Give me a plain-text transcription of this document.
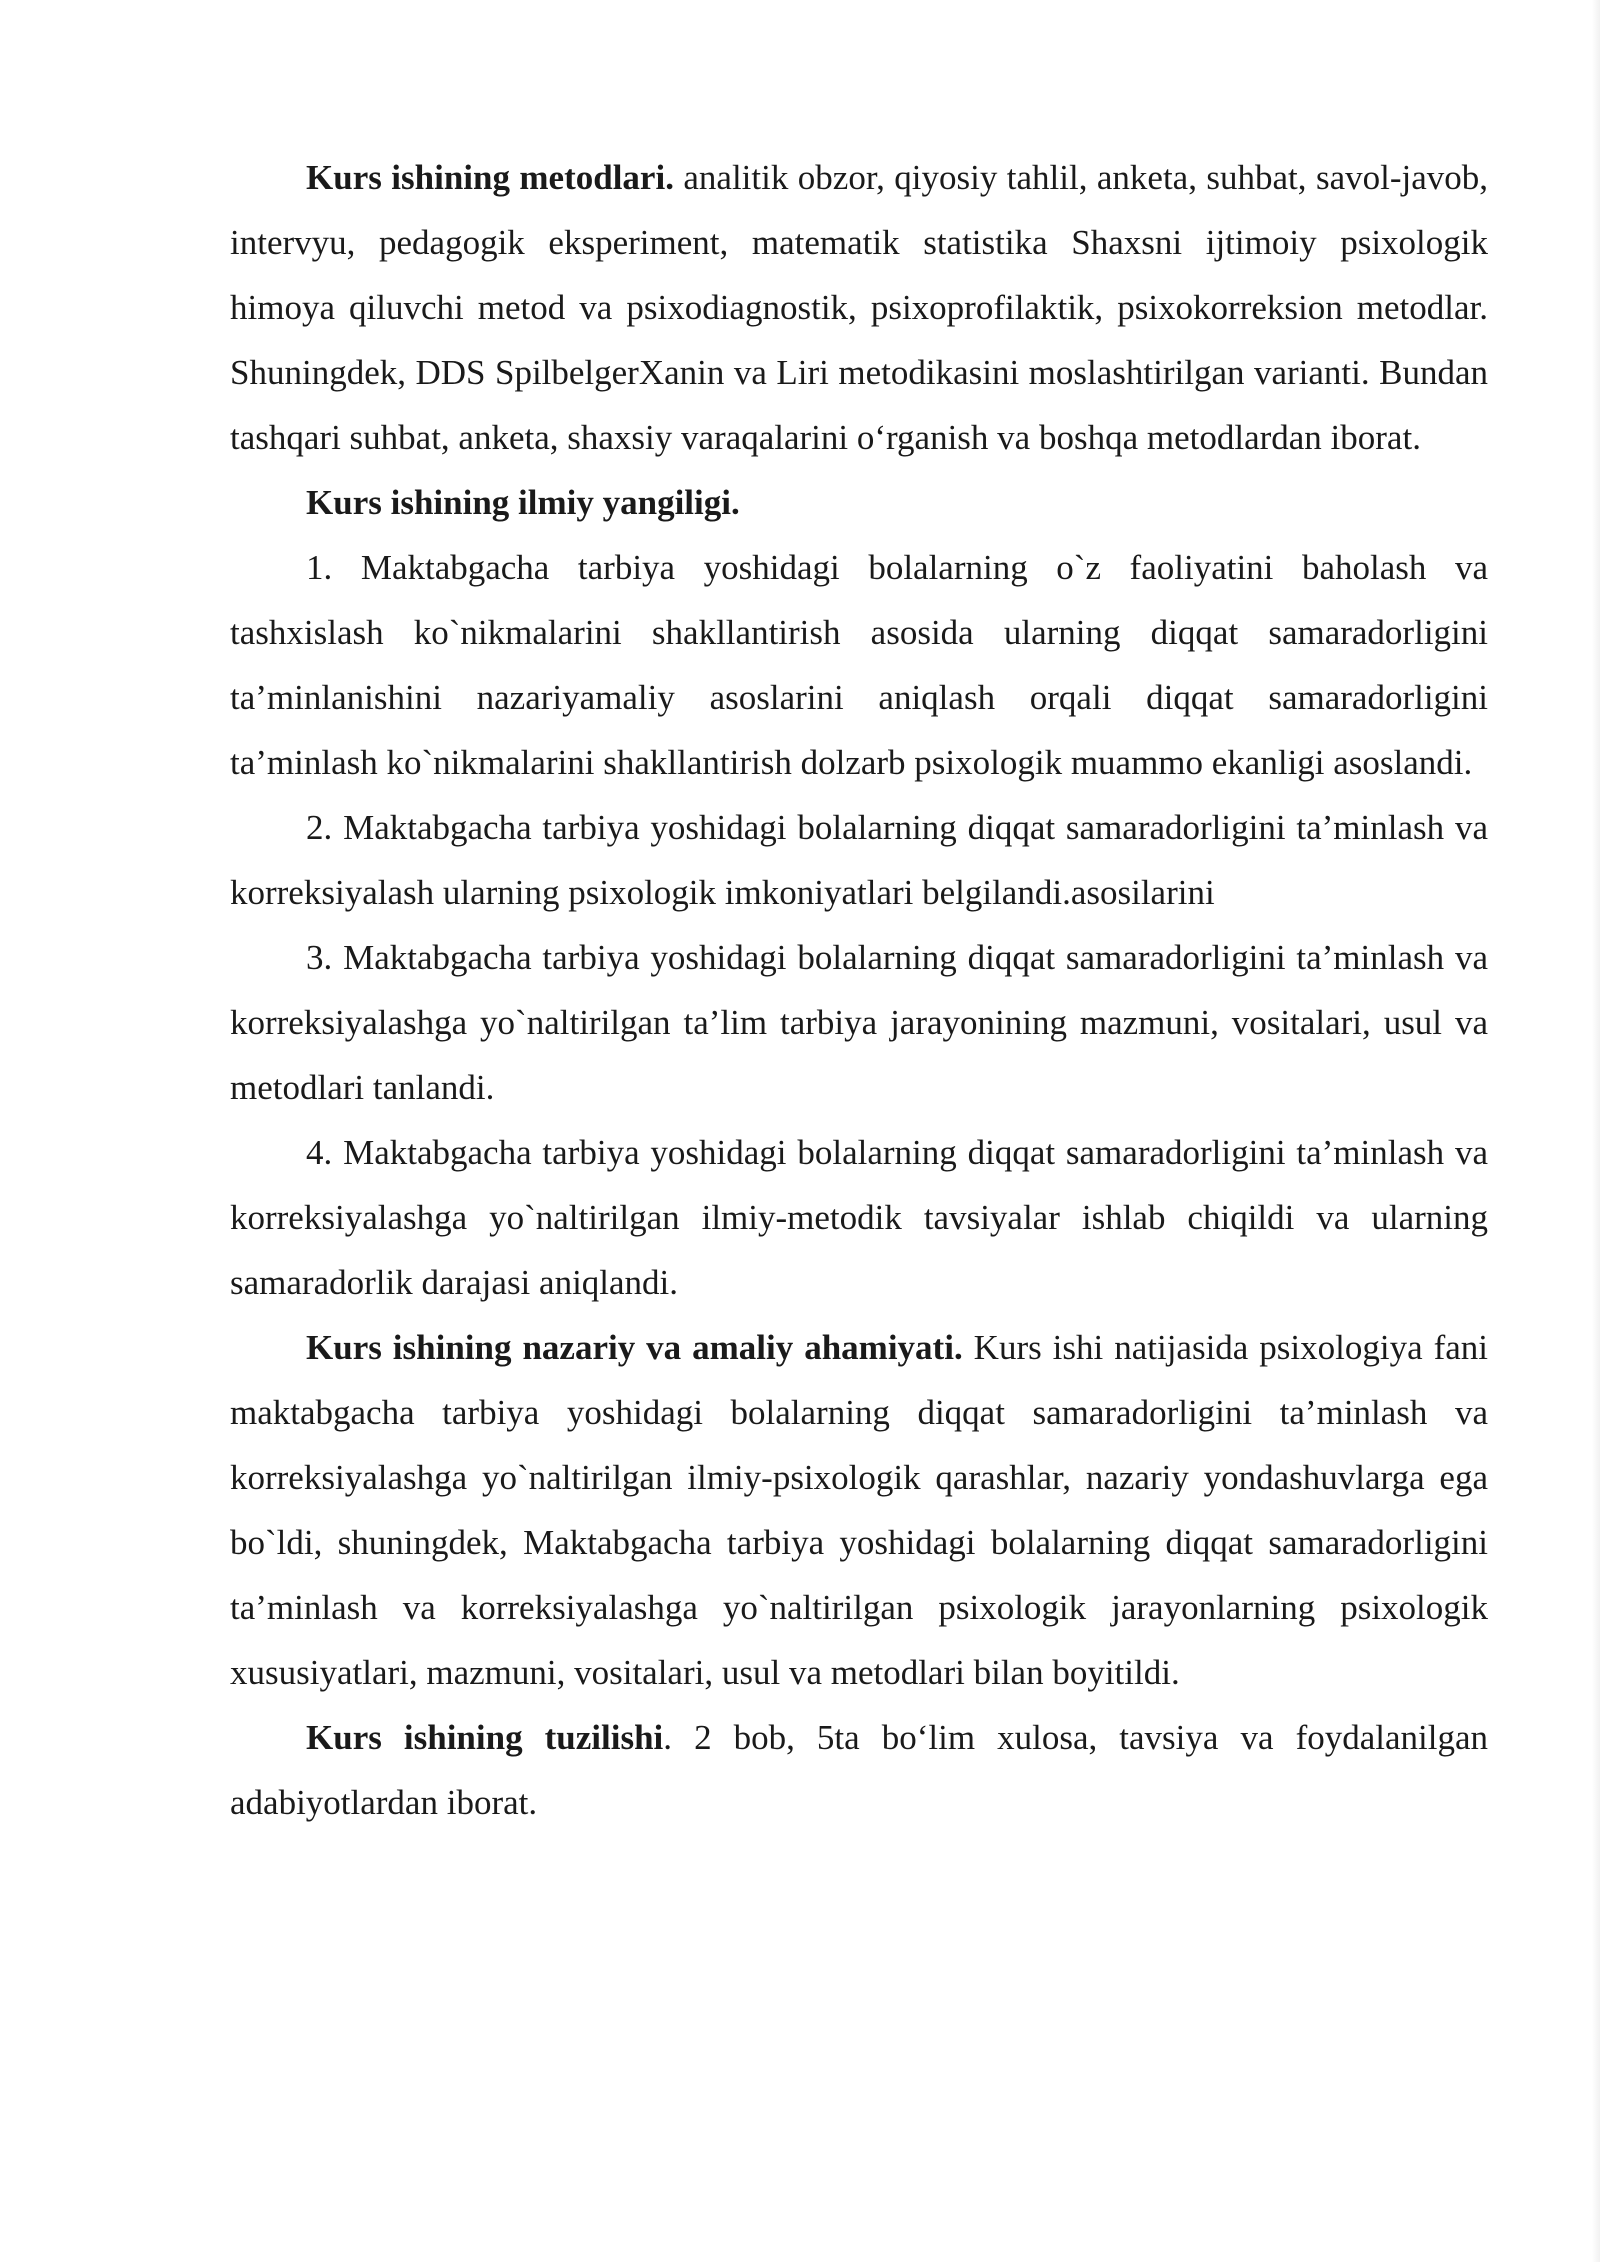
Kurs ishining metodlari. analitik obzor, qiyosiy tahlil, anketa, suhbat, savol-javob, intervyu, pedagogik eksperiment, matematik statistika Shaxsni ijtimoiy psixologik himoya qiluvchi metod va psixodiagnostik, psixoprofilaktik, psixokorreksion metodlar. Shuningdek, DDS SpilbelgerXanin va Liri metodikasini moslashtirilgan varianti. Bundan tashqari suhbat, anketa, shaxsiy varaqalarini o‘rganish va boshqa metodlardan iborat.

Kurs ishining ilmiy yangiligi.

1. Maktabgacha tarbiya yoshidagi bolalarning o`z faoliyatini baholash va tashxislash ko`nikmalarini shakllantirish asosida ularning diqqat samaradorligini ta’minlanishini nazariyamaliy asoslarini aniqlash orqali diqqat samaradorligini ta’minlash ko`nikmalarini shakllantirish dolzarb psixologik muammo ekanligi asoslandi.

2. Maktabgacha tarbiya yoshidagi bolalarning diqqat samaradorligini ta’minlash va korreksiyalash ularning psixologik imkoniyatlari belgilandi.asosilarini

3. Maktabgacha tarbiya yoshidagi bolalarning diqqat samaradorligini ta’minlash va korreksiyalashga yo`naltirilgan ta’lim tarbiya jarayonining mazmuni, vositalari, usul va metodlari tanlandi.

4. Maktabgacha tarbiya yoshidagi bolalarning diqqat samaradorligini ta’minlash va korreksiyalashga yo`naltirilgan ilmiy-metodik tavsiyalar ishlab chiqildi va ularning samaradorlik darajasi aniqlandi.

Kurs ishining nazariy va amaliy ahamiyati. Kurs ishi natijasida psixologiya fani maktabgacha tarbiya yoshidagi bolalarning diqqat samaradorligini ta’minlash va korreksiyalashga yo`naltirilgan ilmiy-psixologik qarashlar, nazariy yondashuvlarga ega bo`ldi, shuningdek, Maktabgacha tarbiya yoshidagi bolalarning diqqat samaradorligini ta’minlash va korreksiyalashga yo`naltirilgan psixologik jarayonlarning psixologik xususiyatlari, mazmuni, vositalari, usul va metodlari bilan boyitildi.

Kurs ishining tuzilishi. 2 bob, 5ta bo‘lim xulosa, tavsiya va foydalanilgan adabiyotlardan iborat.
